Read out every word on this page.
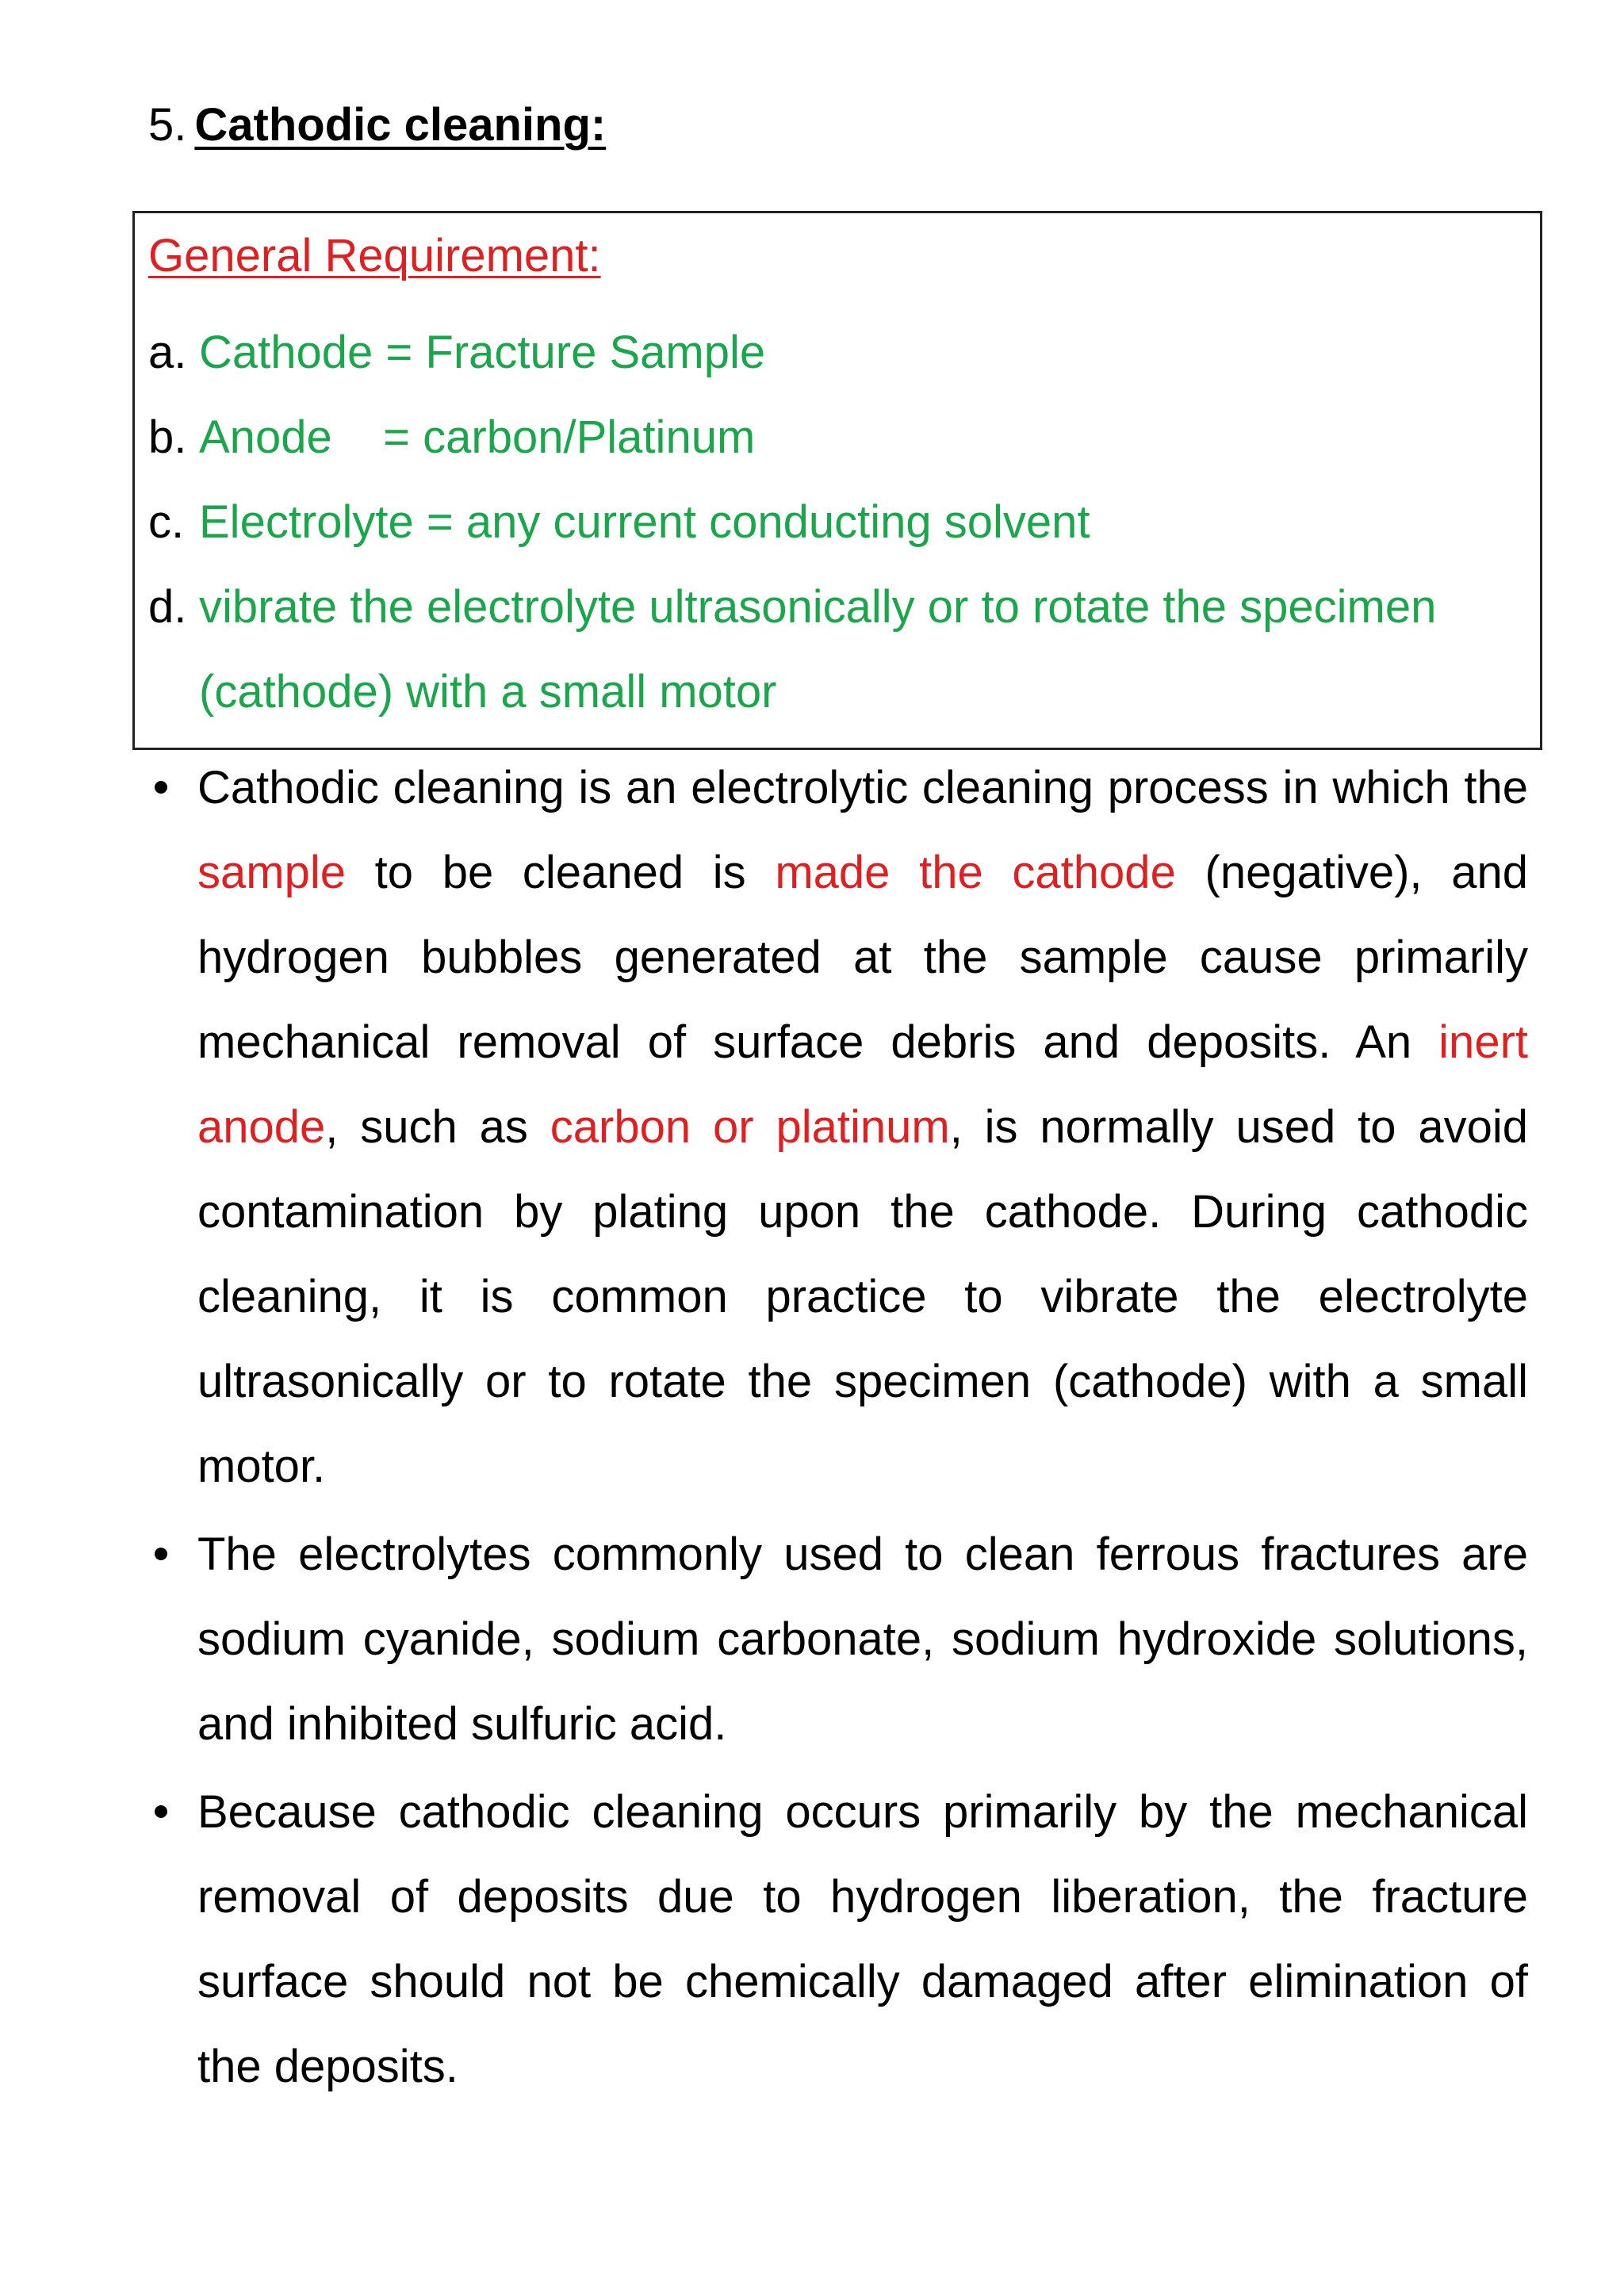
5. Cathodic cleaning:
General Requirement:
a. Cathode = Fracture Sample
b. Anode    = carbon/Platinum
c. Electrolyte = any current conducting solvent
d. vibrate the electrolyte ultrasonically or to rotate the specimen (cathode) with a small motor
Cathodic cleaning is an electrolytic cleaning process in which the sample to be cleaned is made the cathode (negative), and hydrogen bubbles generated at the sample cause primarily mechanical removal of surface debris and deposits. An inert anode, such as carbon or platinum, is normally used to avoid contamination by plating upon the cathode. During cathodic cleaning, it is common practice to vibrate the electrolyte ultrasonically or to rotate the specimen (cathode) with a small motor.
The electrolytes commonly used to clean ferrous fractures are sodium cyanide, sodium carbonate, sodium hydroxide solutions, and inhibited sulfuric acid.
Because cathodic cleaning occurs primarily by the mechanical removal of deposits due to hydrogen liberation, the fracture surface should not be chemically damaged after elimination of the deposits.
